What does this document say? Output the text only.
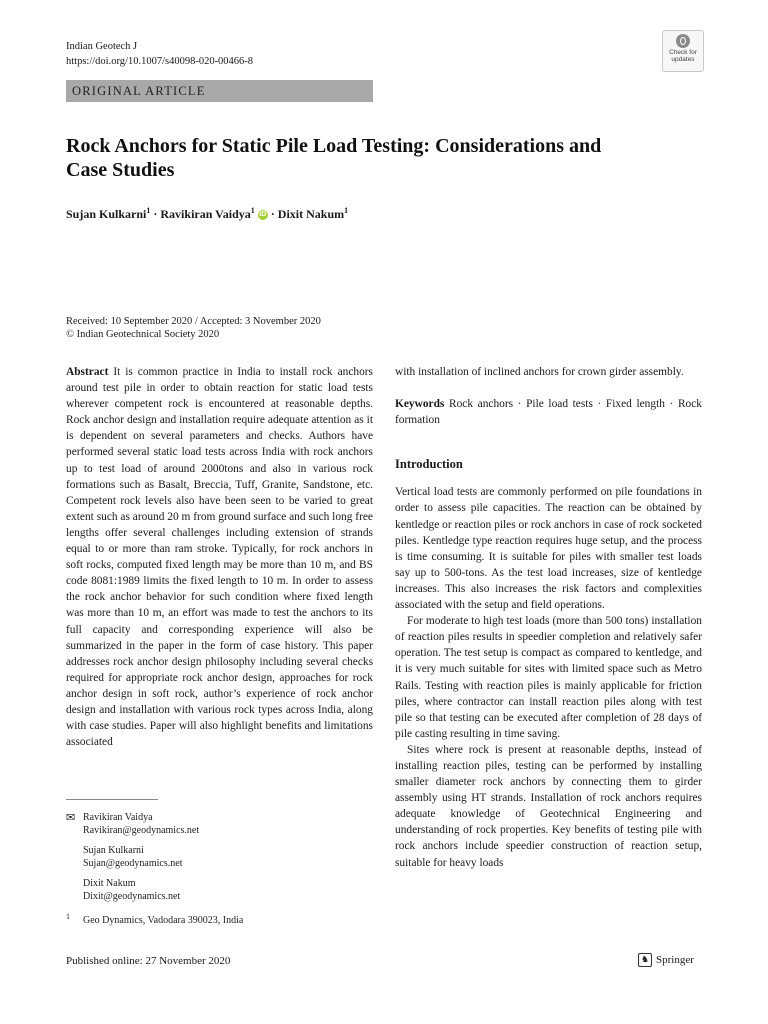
Indian Geotech J
https://doi.org/10.1007/s40098-020-00466-8
Check for
updates
ORIGINAL ARTICLE
Rock Anchors for Static Pile Load Testing: Considerations and Case Studies
Sujan Kulkarni$^1$ · Ravikiran Vaidya$^1$ iD · Dixit Nakum$^1$
Received: 10 September 2020 / Accepted: 3 November 2020
© Indian Geotechnical Society 2020

Abstract It is common practice in India to install rock anchors around test pile in order to obtain reaction for static load tests wherever competent rock is encountered at reasonable depths. Rock anchor design and installation require adequate attention as it is dependent on several parameters and checks. Authors have performed several static load tests across India with rock anchors up to test load of around 2000tons and also in various rock formations such as Basalt, Breccia, Tuff, Granite, Sandstone, etc. Competent rock levels also have been seen to be varied to great extent such as around 20 m from ground surface and such long free lengths offer several challenges including extension of strands equal to or more than ram stroke. Typically, for rock anchors in soft rocks, computed fixed length may be more than 10 m, and BS code 8081:1989 limits the fixed length to 10 m. In order to assess the rock anchor behavior for such condition where fixed length was more than 10 m, an effort was made to test the anchors to its full capacity and corresponding experience will also be summarized in the paper in the form of case history. This paper addresses rock anchor design philosophy including several checks required for appropriate rock anchor design, approaches for rock anchor design in soft rock, author’s experience of rock anchor design and installation with various rock types across India, along with case studies. Paper will also highlight benefits and limitations associated

with installation of inclined anchors for crown girder assembly.

Keywords Rock anchors · Pile load tests · Fixed length · Rock formation

Introduction

Vertical load tests are commonly performed on pile foundations in order to assess pile capacities. The reaction can be obtained by kentledge or reaction piles or rock anchors in case of rock socketed piles. Kentledge type reaction requires huge setup, and the process is time consuming. It is suitable for piles with smaller test loads say up to 500-tons. As the test load increases, size of kentledge increases. This also increases the risk factors and complexities associated with the setup and field operations.

For moderate to high test loads (more than 500 tons) installation of reaction piles results in speedier completion and relatively safer operation. The test setup is compact as compared to kentledge, and it is very much suitable for sites with limited space such as Metro Rails. Testing with reaction piles is mainly applicable for friction piles, where contractor can install reaction piles along with test pile so that testing can be executed after completion of 28 days of pile casting resulting in time saving.

Sites where rock is present at reasonable depths, instead of installing reaction piles, testing can be performed by installing smaller diameter rock anchors by connecting them to girder assembly using HT strands. Installation of rock anchors requires adequate knowledge of Geotechnical Engineering and understanding of rock properties. Key benefits of testing pile with rock anchors include speedier construction of reaction setup, suitable for heavy loads

✉ Ravikiran Vaidya
Ravikiran@geodynamics.net
Sujan Kulkarni
Sujan@geodynamics.net
Dixit Nakum
Dixit@geodynamics.net
1 Geo Dynamics, Vadodara 390023, India
Published online: 27 November 2020	♞ Springer
